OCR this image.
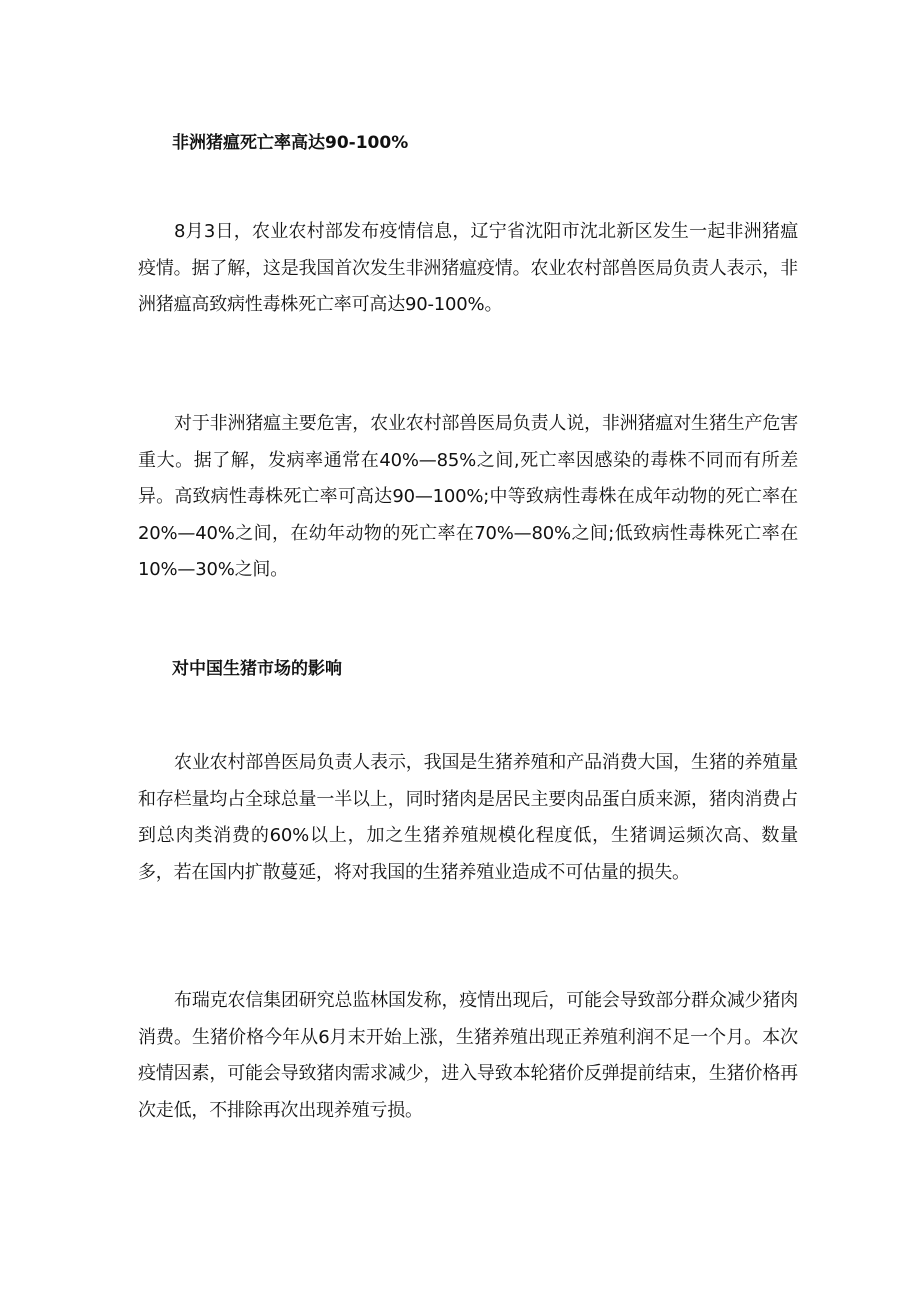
非洲猪瘟死亡率高达90-100%

8月3日，农业农村部发布疫情信息，辽宁省沈阳市沈北新区发生一起非洲猪瘟疫情。据了解，这是我国首次发生非洲猪瘟疫情。农业农村部兽医局负责人表示，非洲猪瘟高致病性毒株死亡率可高达90-100%。

对于非洲猪瘟主要危害，农业农村部兽医局负责人说，非洲猪瘟对生猪生产危害重大。据了解，发病率通常在40%—85%之间,死亡率因感染的毒株不同而有所差异。高致病性毒株死亡率可高达90—100%;中等致病性毒株在成年动物的死亡率在20%—40%之间，在幼年动物的死亡率在70%—80%之间;低致病性毒株死亡率在10%—30%之间。

对中国生猪市场的影响

农业农村部兽医局负责人表示，我国是生猪养殖和产品消费大国，生猪的养殖量和存栏量均占全球总量一半以上，同时猪肉是居民主要肉品蛋白质来源，猪肉消费占到总肉类消费的60%以上，加之生猪养殖规模化程度低，生猪调运频次高、数量多，若在国内扩散蔓延，将对我国的生猪养殖业造成不可估量的损失。

布瑞克农信集团研究总监林国发称，疫情出现后，可能会导致部分群众减少猪肉消费。生猪价格今年从6月末开始上涨，生猪养殖出现正养殖利润不足一个月。本次疫情因素，可能会导致猪肉需求减少，进入导致本轮猪价反弹提前结束，生猪价格再次走低，不排除再次出现养殖亏损。
